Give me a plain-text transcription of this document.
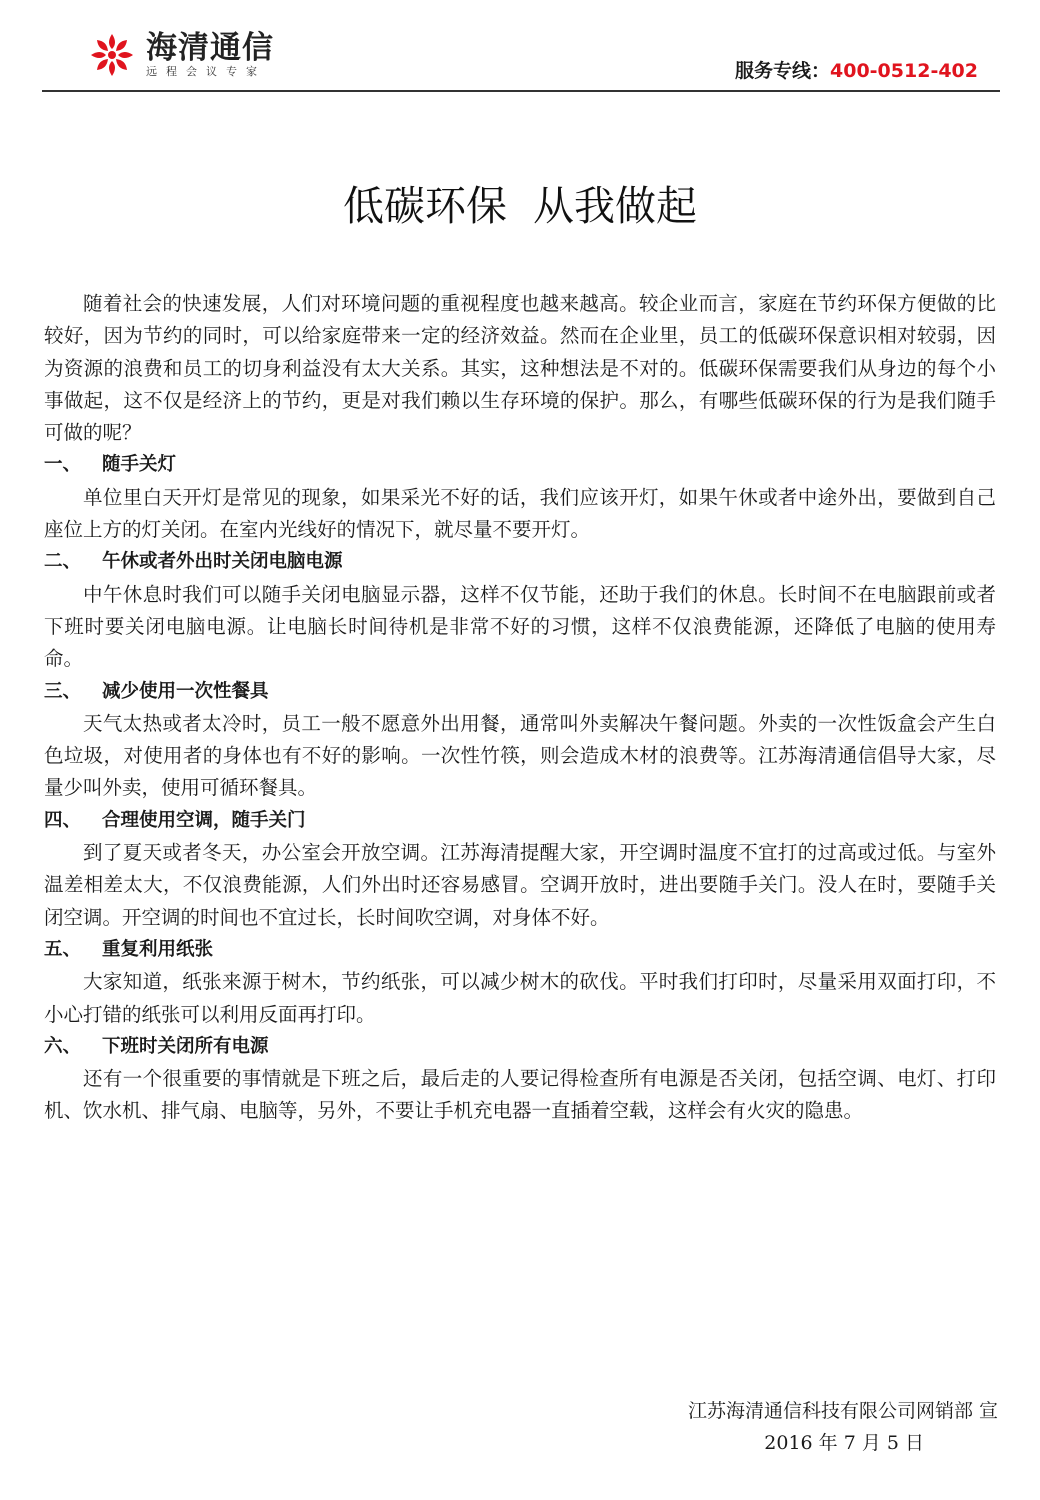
海清通信
远程会议专家	服务专线：400-0512-402
低碳环保  从我做起

随着社会的快速发展，人们对环境问题的重视程度也越来越高。较企业而言，家庭在节约环保方便做的比较好，因为节约的同时，可以给家庭带来一定的经济效益。然而在企业里，员工的低碳环保意识相对较弱，因为资源的浪费和员工的切身利益没有太大关系。其实，这种想法是不对的。低碳环保需要我们从身边的每个小事做起，这不仅是经济上的节约，更是对我们赖以生存环境的保护。那么，有哪些低碳环保的行为是我们随手可做的呢？

一、 随手关灯

单位里白天开灯是常见的现象，如果采光不好的话，我们应该开灯，如果午休或者中途外出，要做到自己座位上方的灯关闭。在室内光线好的情况下，就尽量不要开灯。

二、 午休或者外出时关闭电脑电源

中午休息时我们可以随手关闭电脑显示器，这样不仅节能，还助于我们的休息。长时间不在电脑跟前或者下班时要关闭电脑电源。让电脑长时间待机是非常不好的习惯，这样不仅浪费能源，还降低了电脑的使用寿命。

三、 减少使用一次性餐具

天气太热或者太冷时，员工一般不愿意外出用餐，通常叫外卖解决午餐问题。外卖的一次性饭盒会产生白色垃圾，对使用者的身体也有不好的影响。一次性竹筷，则会造成木材的浪费等。江苏海清通信倡导大家，尽量少叫外卖，使用可循环餐具。

四、 合理使用空调，随手关门

到了夏天或者冬天，办公室会开放空调。江苏海清提醒大家，开空调时温度不宜打的过高或过低。与室外温差相差太大，不仅浪费能源，人们外出时还容易感冒。空调开放时，进出要随手关门。没人在时，要随手关闭空调。开空调的时间也不宜过长，长时间吹空调，对身体不好。

五、 重复利用纸张

大家知道，纸张来源于树木，节约纸张，可以减少树木的砍伐。平时我们打印时，尽量采用双面打印，不小心打错的纸张可以利用反面再打印。

六、 下班时关闭所有电源

还有一个很重要的事情就是下班之后，最后走的人要记得检查所有电源是否关闭，包括空调、电灯、打印机、饮水机、排气扇、电脑等，另外，不要让手机充电器一直插着空载，这样会有火灾的隐患。

江苏海清通信科技有限公司网销部 宣
2016 年 7 月 5 日
